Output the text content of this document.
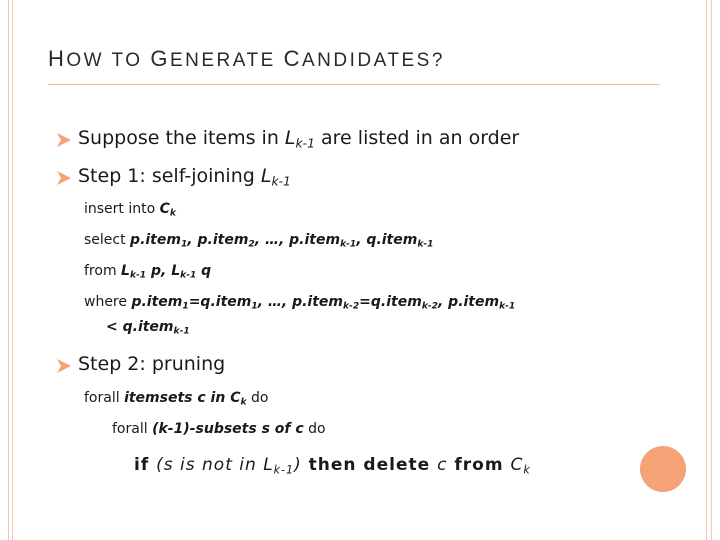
HOW TO GENERATE CANDIDATES?
Suppose the items in $L_{k-1}$ are listed in an order
Step 1: self-joining $L_{k-1}$
insert into $C_k$
select p.item$_1$, p.item$_2$, …, p.item$_{k-1}$, q.item$_{k-1}$
from $L_{k-1}$ p, $L_{k-1}$ q
where p.item$_1$=q.item$_1$, …, p.item$_{k-2}$=q.item$_{k-2}$, p.item$_{k-1}$
< q.item$_{k-1}$
Step 2: pruning
forall itemsets c in $C_k$ do
forall (k-1)-subsets s of c do
if (s is not in $L_{k-1}$) then delete c from $C_k$
